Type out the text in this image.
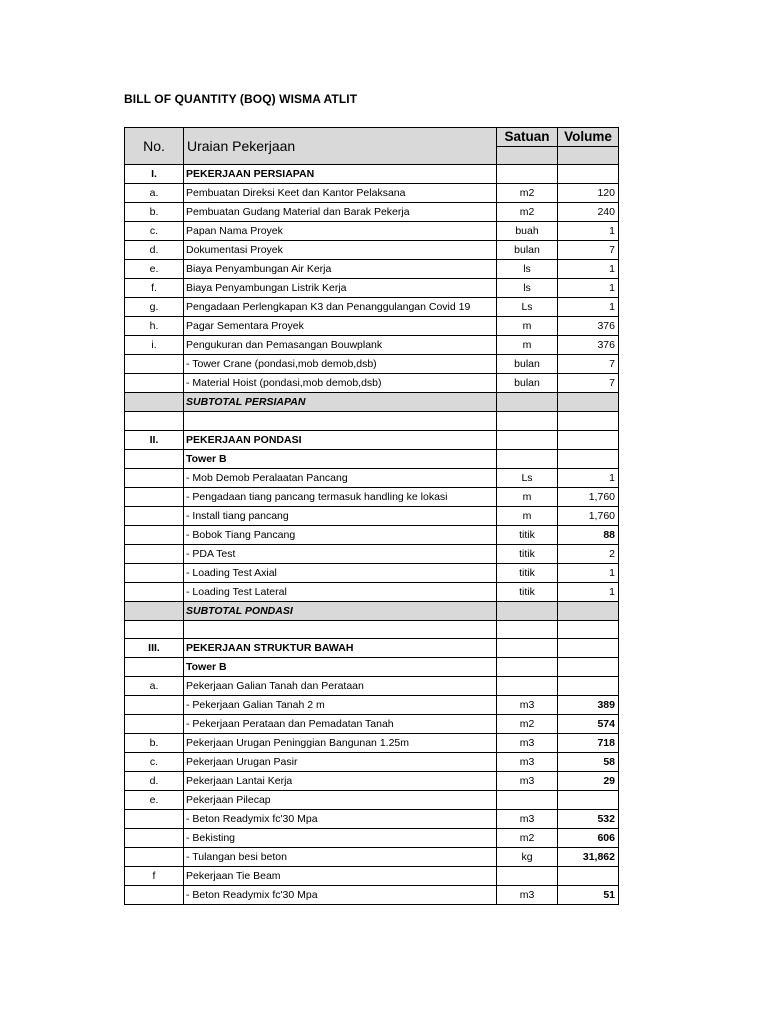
BILL OF QUANTITY (BOQ) WISMA ATLIT
No.	Uraian Pekerjaan	Satuan	Volume

I.	PEKERJAAN PERSIAPAN		
a.	Pembuatan Direksi Keet dan Kantor Pelaksana	m2	120
b.	Pembuatan Gudang Material dan Barak Pekerja	m2	240
c.	Papan Nama Proyek	buah	1
d.	Dokumentasi Proyek	bulan	7
e.	Biaya Penyambungan Air Kerja	ls	1
f.	Biaya Penyambungan Listrik Kerja	ls	1
g.	Pengadaan Perlengkapan K3 dan Penanggulangan Covid 19	Ls	1
h.	Pagar Sementara Proyek	m	376
i.	Pengukuran dan Pemasangan Bouwplank	m	376
	- Tower Crane (pondasi,mob demob,dsb)	bulan	7
	- Material Hoist (pondasi,mob demob,dsb)	bulan	7
	SUBTOTAL PERSIAPAN		

II.	PEKERJAAN PONDASI		
	Tower B		
	- Mob Demob Peralaatan Pancang	Ls	1
	- Pengadaan tiang pancang termasuk handling ke lokasi	m	1,760
	- Install tiang pancang	m	1,760
	- Bobok Tiang Pancang	titik	88
	- PDA Test	titik	2
	- Loading Test Axial	titik	1
	- Loading Test Lateral	titik	1
	SUBTOTAL PONDASI		

III.	PEKERJAAN STRUKTUR BAWAH		
	Tower B		
a.	Pekerjaan Galian Tanah dan Perataan		
	- Pekerjaan Galian Tanah 2 m	m3	389
	- Pekerjaan Perataan dan Pemadatan Tanah	m2	574
b.	Pekerjaan Urugan Peninggian Bangunan 1.25m	m3	718
c.	Pekerjaan Urugan Pasir	m3	58
d.	Pekerjaan Lantai Kerja	m3	29
e.	Pekerjaan Pilecap		
	- Beton Readymix fc'30 Mpa	m3	532
	- Bekisting	m2	606
	- Tulangan besi beton	kg	31,862
f	Pekerjaan Tie Beam		
	- Beton Readymix fc'30 Mpa	m3	51
